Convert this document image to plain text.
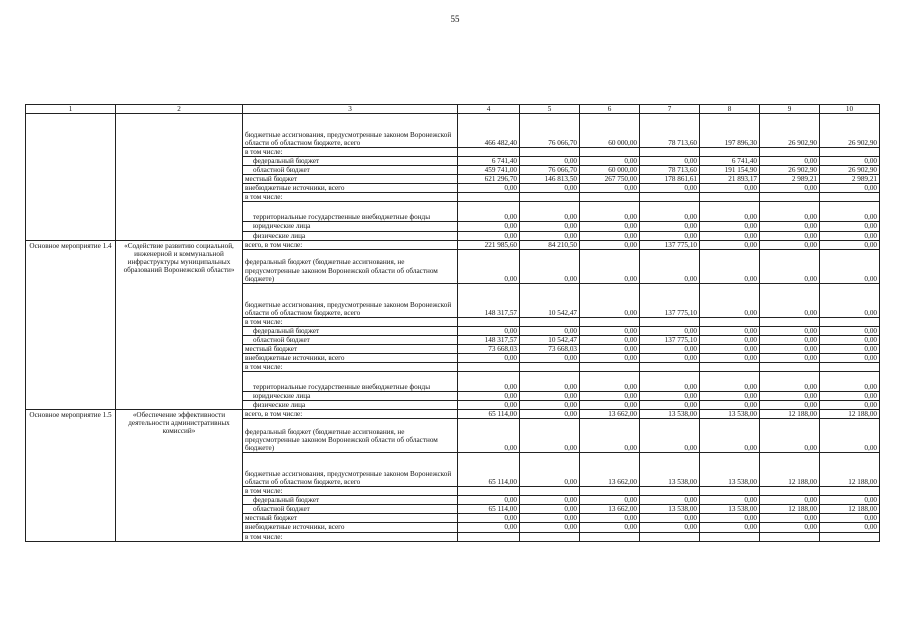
55
1	2	3	4	5	6	7	8	9	10
		бюджетные ассигнования, предусмотренные законом Воронежской области об областном бюджете, всего	466 482,40	76 066,70	60 000,00	78 713,60	197 896,30	26 902,90	26 902,90
		в том числе:							
		федеральный бюджет	6 741,40	0,00	0,00	0,00	6 741,40	0,00	0,00
		областной бюджет	459 741,00	76 066,70	60 000,00	78 713,60	191 154,90	26 902,90	26 902,90
		местный бюджет	621 296,70	146 813,50	267 750,00	178 861,61	21 893,17	2 989,21	2 989,21
		внебюджетные источники, всего	0,00	0,00	0,00	0,00	0,00	0,00	0,00
		в том числе:							
		территориальные государственные внебюджетные фонды	0,00	0,00	0,00	0,00	0,00	0,00	0,00
		юридические лица	0,00	0,00	0,00	0,00	0,00	0,00	0,00
		физические лица	0,00	0,00	0,00	0,00	0,00	0,00	0,00
Основное мероприятие 1.4	«Содействие развитию социальной, инженерной и коммунальной инфраструктуры муниципальных образований Воронежской области»	всего, в том числе:	221 985,60	84 210,50	0,00	137 775,10	0,00	0,00	0,00
		федеральный бюджет (бюджетные ассигнования, не предусмотренные законом Воронежской области об областном бюджете)	0,00	0,00	0,00	0,00	0,00	0,00	0,00
		бюджетные ассигнования, предусмотренные законом Воронежской области об областном бюджете, всего	148 317,57	10 542,47	0,00	137 775,10	0,00	0,00	0,00
		в том числе:							
		федеральный бюджет	0,00	0,00	0,00	0,00	0,00	0,00	0,00
		областной бюджет	148 317,57	10 542,47	0,00	137 775,10	0,00	0,00	0,00
		местный бюджет	73 668,03	73 668,03	0,00	0,00	0,00	0,00	0,00
		внебюджетные источники, всего	0,00	0,00	0,00	0,00	0,00	0,00	0,00
		в том числе:							
		территориальные государственные внебюджетные фонды	0,00	0,00	0,00	0,00	0,00	0,00	0,00
		юридические лица	0,00	0,00	0,00	0,00	0,00	0,00	0,00
		физические лица	0,00	0,00	0,00	0,00	0,00	0,00	0,00
Основное мероприятие 1.5	«Обеспечение эффективности деятельности административных комиссий»	всего, в том числе:	65 114,00	0,00	13 662,00	13 538,00	13 538,00	12 188,00	12 188,00
		федеральный бюджет (бюджетные ассигнования, не предусмотренные законом Воронежской области об областном бюджете)	0,00	0,00	0,00	0,00	0,00	0,00	0,00
		бюджетные ассигнования, предусмотренные законом Воронежской области об областном бюджете, всего	65 114,00	0,00	13 662,00	13 538,00	13 538,00	12 188,00	12 188,00
		в том числе:							
		федеральный бюджет	0,00	0,00	0,00	0,00	0,00	0,00	0,00
		областной бюджет	65 114,00	0,00	13 662,00	13 538,00	13 538,00	12 188,00	12 188,00
		местный бюджет	0,00	0,00	0,00	0,00	0,00	0,00	0,00
		внебюджетные источники, всего	0,00	0,00	0,00	0,00	0,00	0,00	0,00
		в том числе:							
